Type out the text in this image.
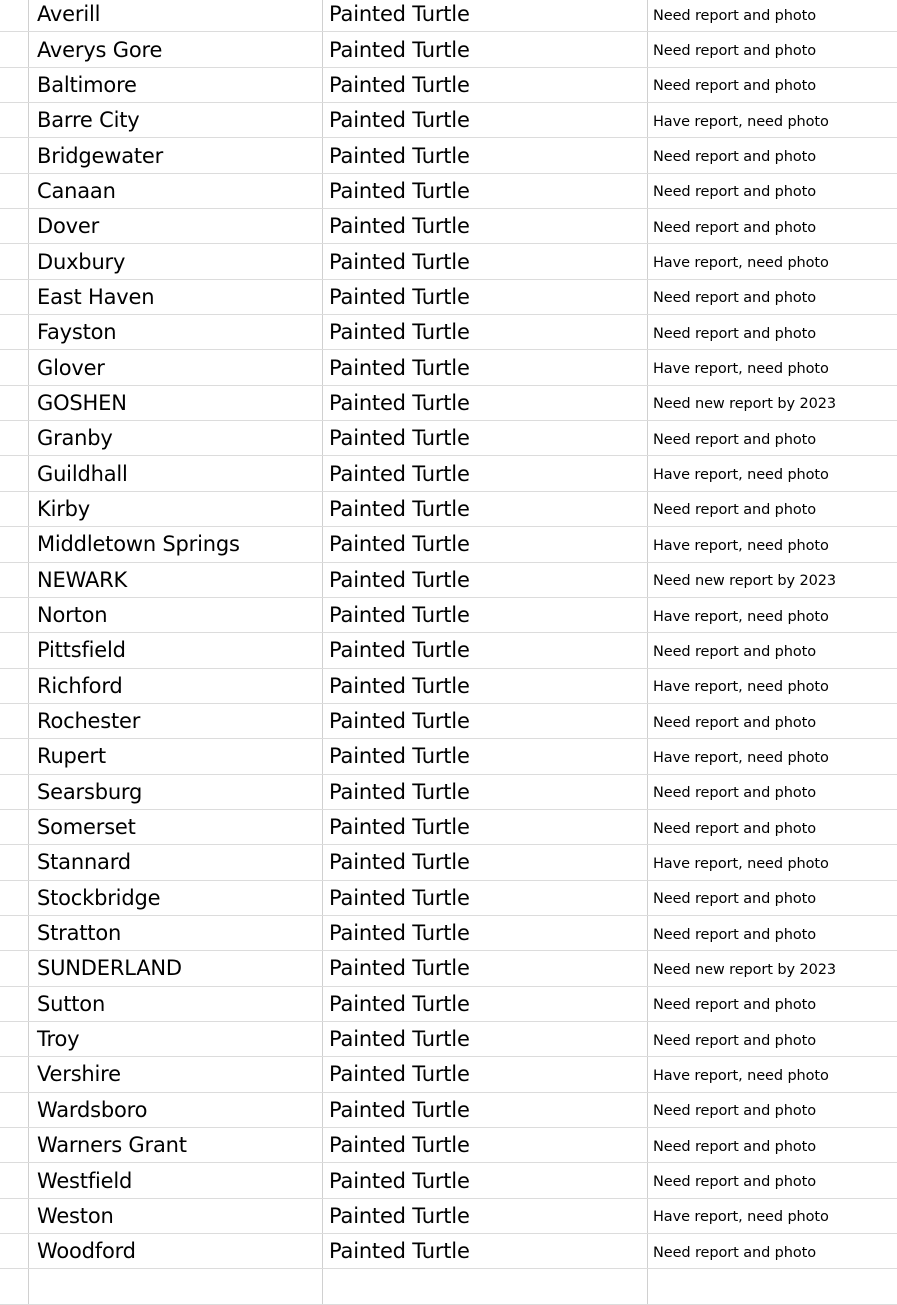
Averill	Painted Turtle	Need report and photo
Averys Gore	Painted Turtle	Need report and photo
Baltimore	Painted Turtle	Need report and photo
Barre City	Painted Turtle	Have report, need photo
Bridgewater	Painted Turtle	Need report and photo
Canaan	Painted Turtle	Need report and photo
Dover	Painted Turtle	Need report and photo
Duxbury	Painted Turtle	Have report, need photo
East Haven	Painted Turtle	Need report and photo
Fayston	Painted Turtle	Need report and photo
Glover	Painted Turtle	Have report, need photo
GOSHEN	Painted Turtle	Need new report by 2023
Granby	Painted Turtle	Need report and photo
Guildhall	Painted Turtle	Have report, need photo
Kirby	Painted Turtle	Need report and photo
Middletown Springs	Painted Turtle	Have report, need photo
NEWARK	Painted Turtle	Need new report by 2023
Norton	Painted Turtle	Have report, need photo
Pittsfield	Painted Turtle	Need report and photo
Richford	Painted Turtle	Have report, need photo
Rochester	Painted Turtle	Need report and photo
Rupert	Painted Turtle	Have report, need photo
Searsburg	Painted Turtle	Need report and photo
Somerset	Painted Turtle	Need report and photo
Stannard	Painted Turtle	Have report, need photo
Stockbridge	Painted Turtle	Need report and photo
Stratton	Painted Turtle	Need report and photo
SUNDERLAND	Painted Turtle	Need new report by 2023
Sutton	Painted Turtle	Need report and photo
Troy	Painted Turtle	Need report and photo
Vershire	Painted Turtle	Have report, need photo
Wardsboro	Painted Turtle	Need report and photo
Warners Grant	Painted Turtle	Need report and photo
Westfield	Painted Turtle	Need report and photo
Weston	Painted Turtle	Have report, need photo
Woodford	Painted Turtle	Need report and photo
